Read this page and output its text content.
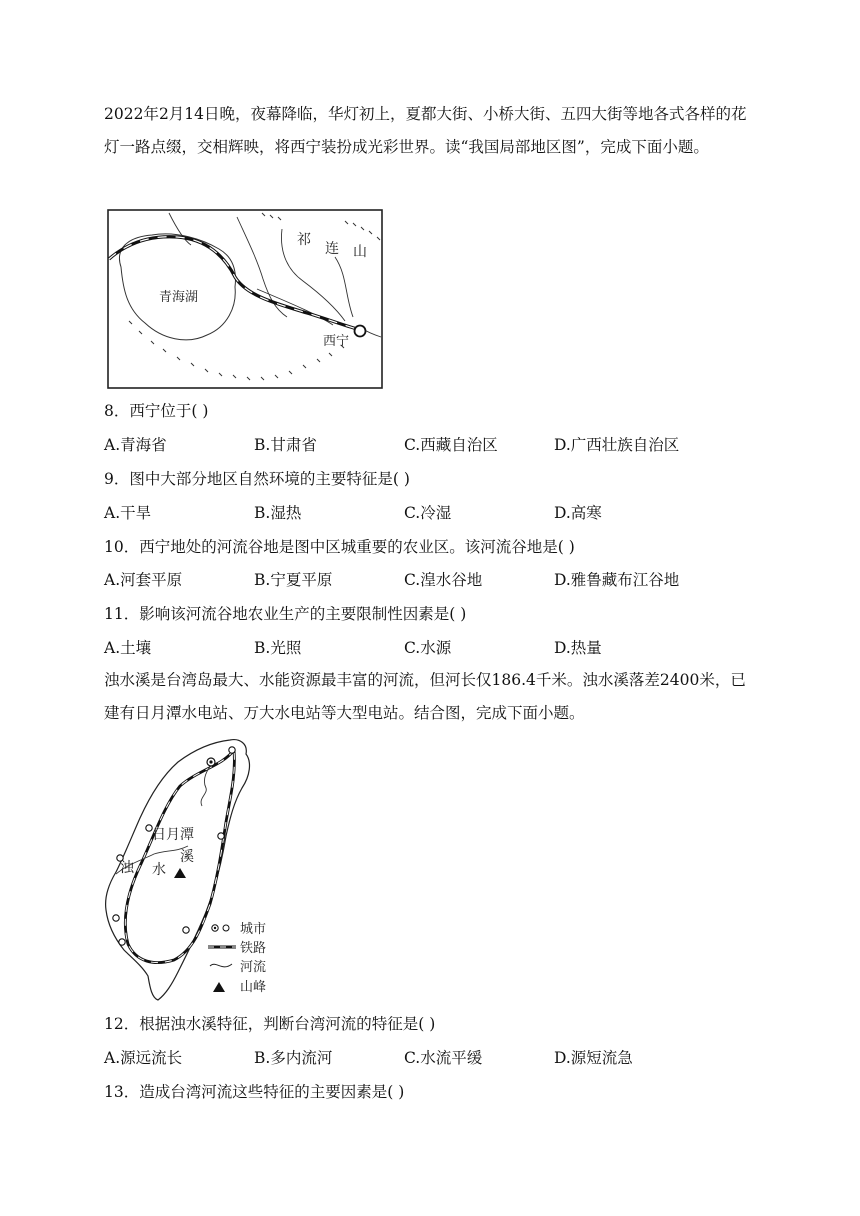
2022年2月14日晚，夜幕降临，华灯初上，夏都大街、小桥大街、五四大街等地各式各样的花灯一路点缀，交相辉映，将西宁装扮成光彩世界。读“我国局部地区图”，完成下面小题。
青海湖
西宁
祁
连 山
8．西宁位于( )
A.青海省	B.甘肃省	C.西藏自治区	D.广西壮族自治区
9．图中大部分地区自然环境的主要特征是( )
A.干旱	B.湿热	C.冷湿	D.高寒
10．西宁地处的河流谷地是图中区城重要的农业区。该河流谷地是( )
A.河套平原	B.宁夏平原	C.湟水谷地	D.雅鲁藏布江谷地
11．影响该河流谷地农业生产的主要限制性因素是( )
A.土壤	B.光照	C.水源	D.热量
浊水溪是台湾岛最大、水能资源最丰富的河流，但河长仅186.4千米。浊水溪落差2400米，已建有日月潭水电站、万大水电站等大型电站。结合图，完成下面小题。
日月潭
浊 水
溪
城市
铁路
河流
山峰
12．根据浊水溪特征，判断台湾河流的特征是( )
A.源远流长	B.多内流河	C.水流平缓	D.源短流急
13．造成台湾河流这些特征的主要因素是( )
